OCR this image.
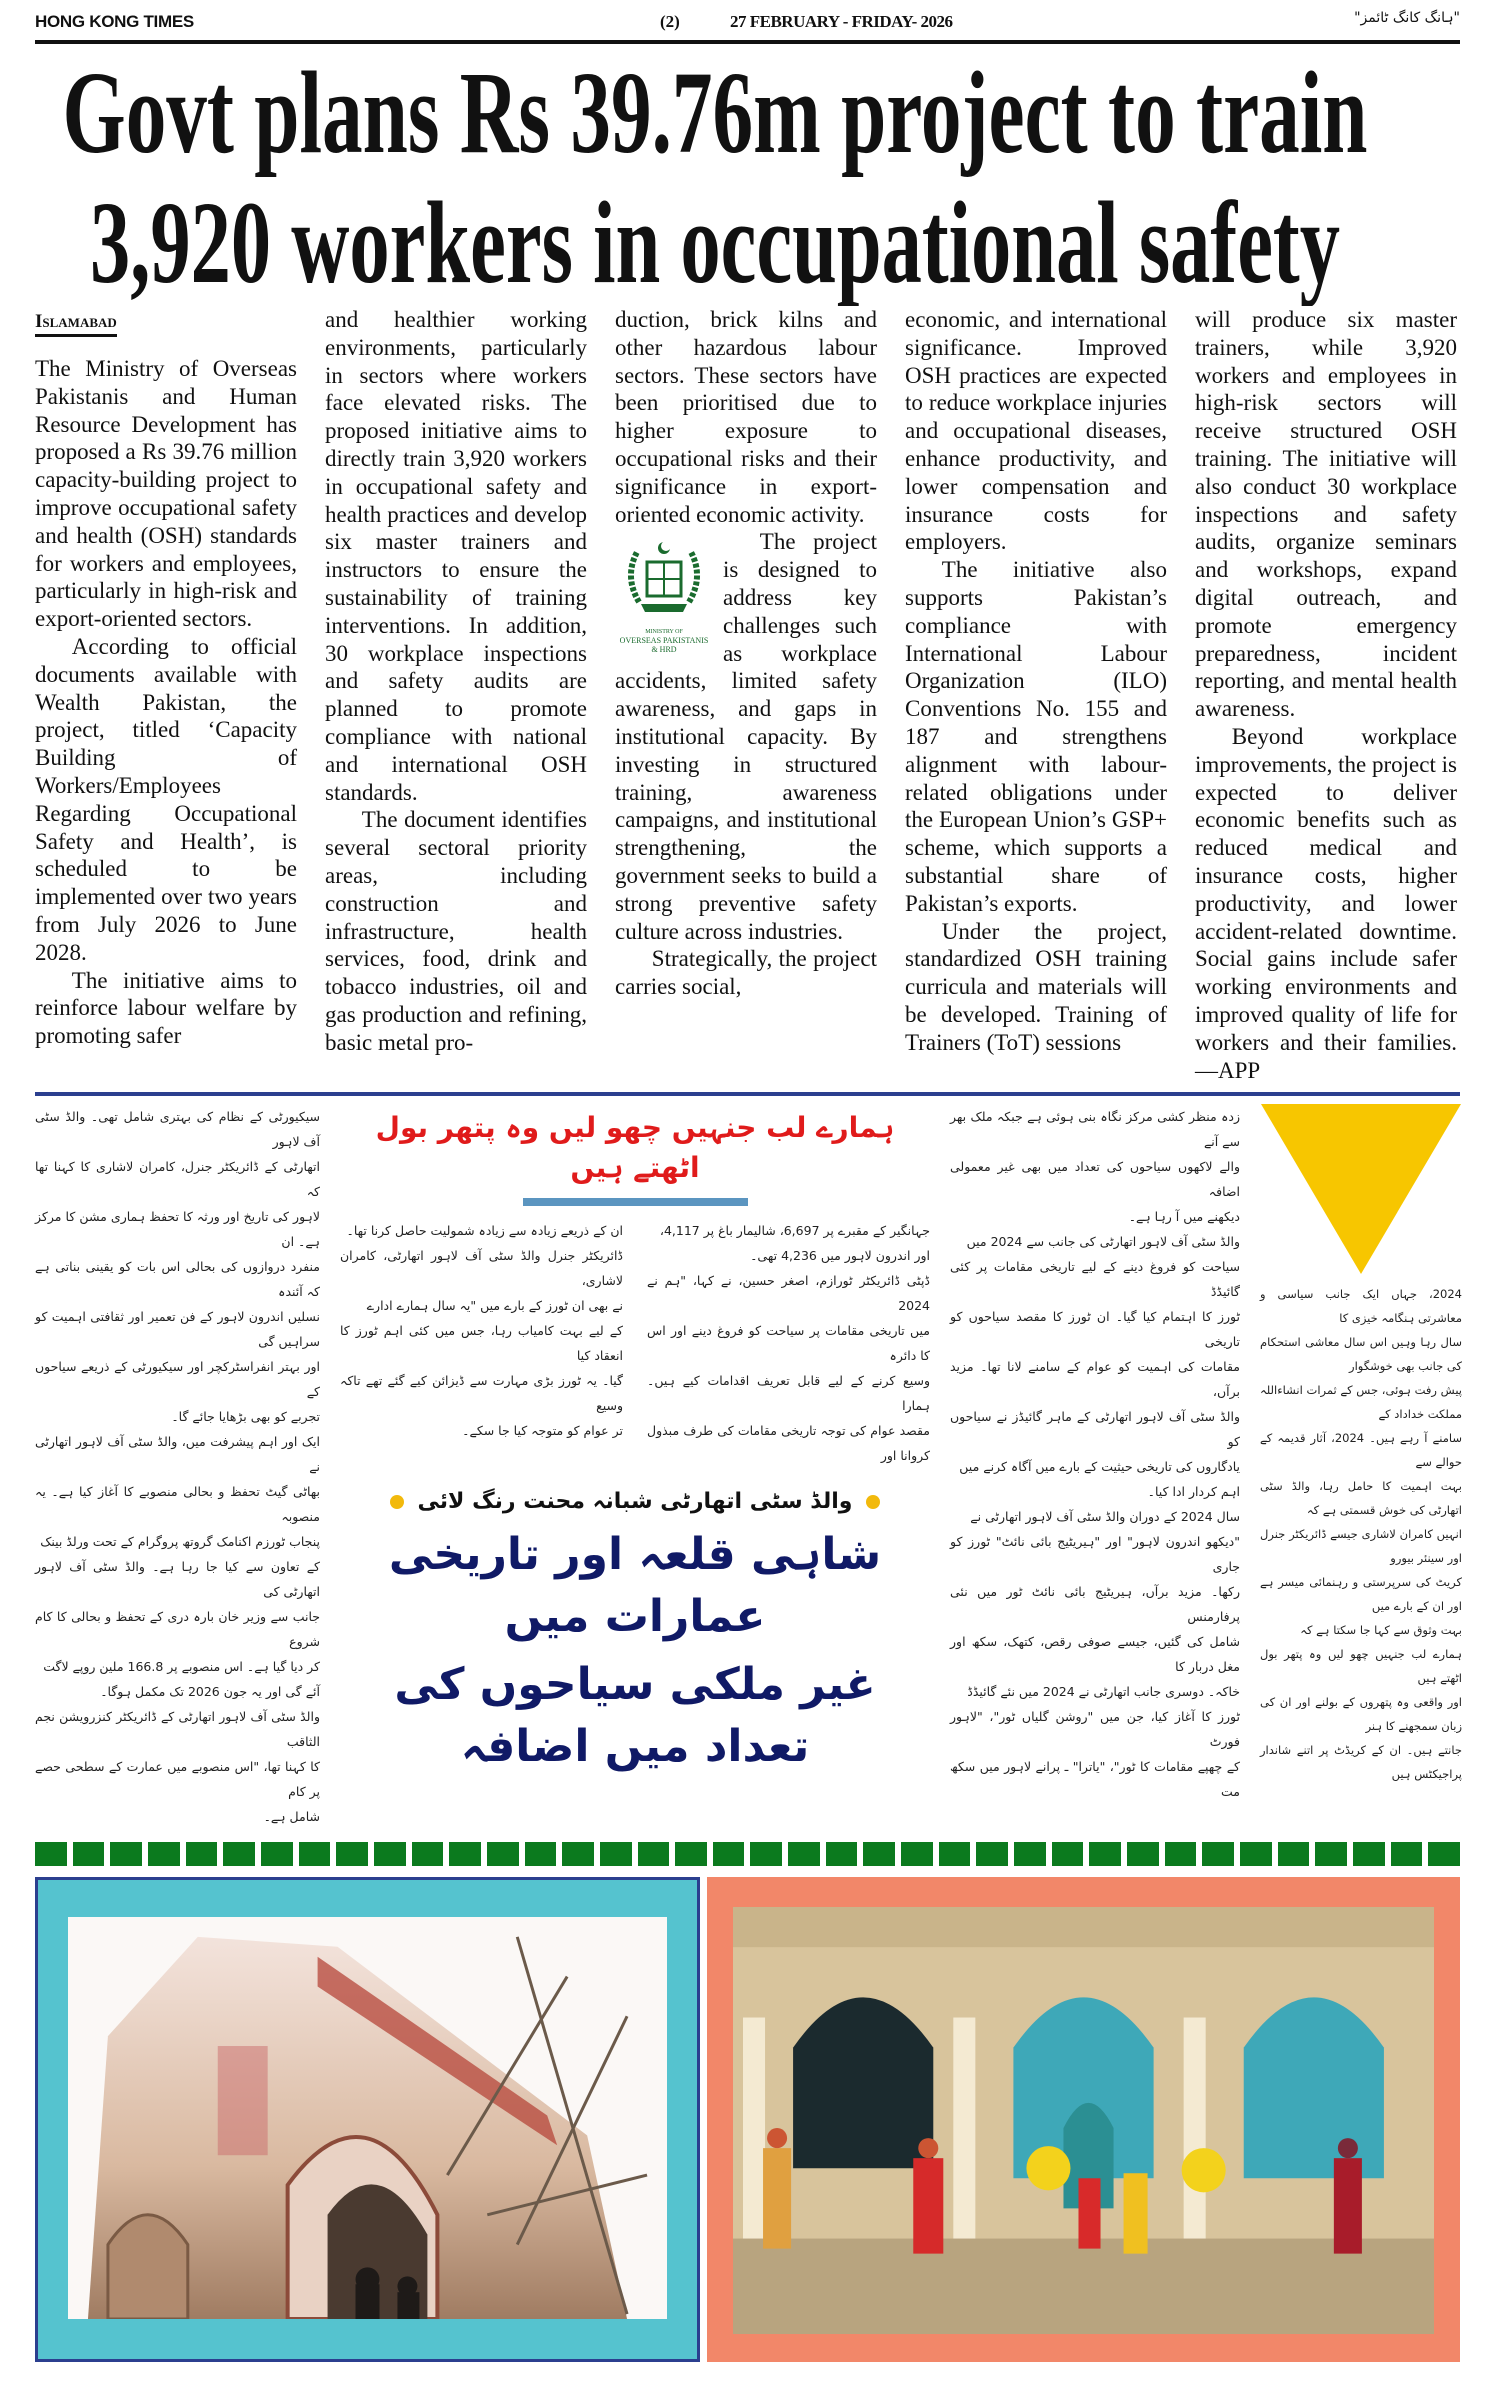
HONG KONG TIMES	(2)	27 FEBRUARY - FRIDAY- 2026	"ہانگ کانگ ٹائمز"
Govt plans Rs 39.76m project to train
3,920 workers in occupational safety
Islamabad

The Ministry of Overseas Pakistanis and Human Resource Development has proposed a Rs 39.76 million capacity-building project to improve occupational safety and health (OSH) standards for workers and employees, particularly in high-risk and export-oriented sectors.

According to official documents available with Wealth Pakistan, the project, titled ‘Capacity Building of Workers/Employees Regarding Occupational Safety and Health’, is scheduled to be implemented over two years from July 2026 to June 2028.

The initiative aims to reinforce labour welfare by promoting safer

and healthier working environments, particularly in sectors where workers face elevated risks. The proposed initiative aims to directly train 3,920 workers in occupational safety and health practices and develop six master trainers and instructors to ensure the sustainability of training interventions. In addition, 30 workplace inspections and safety audits are planned to promote compliance with national and international OSH standards.

The document identifies several sectoral priority areas, including construction and infrastructure, health services, food, drink and tobacco industries, oil and gas production and refining, basic metal pro-

duction, brick kilns and other hazardous labour sectors. These sectors have been prioritised due to higher exposure to occupational risks and their significance in export-oriented economic activity.

MINISTRY OF
OVERSEAS PAKISTANIS
& HRD

The project is designed to address key challenges such as workplace accidents, limited safety awareness, and gaps in institutional capacity. By investing in structured training, awareness campaigns, and institutional strengthening, the government seeks to build a strong preventive safety culture across industries.

Strategically, the project carries social,

economic, and international significance. Improved OSH practices are expected to reduce workplace injuries and occupational diseases, enhance productivity, and lower compensation and insurance costs for employers.

The initiative also supports Pakistan’s compliance with International Labour Organization (ILO) Conventions No. 155 and 187 and strengthens alignment with labour-related obligations under the European Union’s GSP+ scheme, which supports a substantial share of Pakistan’s exports.

Under the project, standardized OSH training curricula and materials will be developed. Training of Trainers (ToT) sessions

will produce six master trainers, while 3,920 workers and employees in high-risk sectors will receive structured OSH training. The initiative will also conduct 30 workplace inspections and safety audits, organize seminars and workshops, expand digital outreach, and promote emergency preparedness, incident reporting, and mental health awareness.

Beyond workplace improvements, the project is expected to deliver economic benefits such as reduced medical and insurance costs, higher productivity, and lower accident-related downtime. Social gains include safer working environments and improved quality of life for workers and their families.—APP

سیکیورٹی کے نظام کی بہتری شامل تھی۔ والڈ سٹی آف لاہور
اتھارٹی کے ڈائریکٹر جنرل، کامران لاشاری کا کہنا تھا کہ
لاہور کی تاریخ اور ورثہ کا تحفظ ہماری مشن کا مرکز ہے۔ ان
منفرد دروازوں کی بحالی اس بات کو یقینی بناتی ہے کہ آئندہ
نسلیں اندرون لاہور کے فن تعمیر اور ثقافتی اہمیت کو سراہیں گی
اور بہتر انفراسٹرکچر اور سیکیورٹی کے ذریعے سیاحوں کے
تجربے کو بھی بڑھایا جائے گا۔
ایک اور اہم پیشرفت میں، والڈ سٹی آف لاہور اتھارٹی نے
بھاٹی گیٹ تحفظ و بحالی منصوبے کا آغاز کیا ہے۔ یہ منصوبہ
پنجاب ٹورزم اکنامک گروتھ پروگرام کے تحت ورلڈ بینک
کے تعاون سے کیا جا رہا ہے۔ والڈ سٹی آف لاہور اتھارٹی کی
جانب سے وزیر خان بارہ دری کے تحفظ و بحالی کا کام شروع
کر دیا گیا ہے۔ اس منصوبے پر 166.8 ملین روپے لاگت
آئے گی اور یہ جون 2026 تک مکمل ہوگا۔
والڈ سٹی آف لاہور اتھارٹی کے ڈائریکٹر کنزرویشن نجم الثاقب
کا کہنا تھا، "اس منصوبے میں عمارت کے سطحی حصے پر کام
شامل ہے۔
ہمارے لب جنہیں چھو لیں وہ پتھر بول اٹھتے ہیں
ان کے ذریعے زیادہ سے زیادہ شمولیت حاصل کرنا تھا۔
ڈائریکٹر جنرل والڈ سٹی آف لاہور اتھارٹی، کامران لاشاری،
نے بھی ان ٹورز کے بارے میں "یہ سال ہمارے ادارے
کے لیے بہت کامیاب رہا، جس میں کئی اہم ٹورز کا انعقاد کیا
گیا۔ یہ ٹورز بڑی مہارت سے ڈیزائن کیے گئے تھے تاکہ وسیع
تر عوام کو متوجہ کیا جا سکے۔
جہانگیر کے مقبرے پر 6,697، شالیمار باغ پر 4,117،
اور اندرون لاہور میں 4,236 تھی۔
ڈپٹی ڈائریکٹر ٹورازم، اصغر حسین، نے کہا، "ہم نے 2024
میں تاریخی مقامات پر سیاحت کو فروغ دینے اور اس کا دائرہ
وسیع کرنے کے لیے قابل تعریف اقدامات کیے ہیں۔ ہمارا
مقصد عوام کی توجہ تاریخی مقامات کی طرف مبذول کروانا اور
والڈ سٹی اتھارٹی شبانہ محنت رنگ لائی
شاہی قلعہ اور تاریخی عمارات میں
غیر ملکی سیاحوں کی تعداد میں اضافہ
زدہ منظر کشی مرکز نگاہ بنی ہوئی ہے جبکہ ملک بھر سے آنے
والے لاکھوں سیاحوں کی تعداد میں بھی غیر معمولی اضافہ
دیکھنے میں آ رہا ہے۔
والڈ سٹی آف لاہور اتھارٹی کی جانب سے 2024 میں
سیاحت کو فروغ دینے کے لیے تاریخی مقامات پر کئی گائیڈڈ
ٹورز کا اہتمام کیا گیا۔ ان ٹورز کا مقصد سیاحوں کو تاریخی
مقامات کی اہمیت کو عوام کے سامنے لانا تھا۔ مزید برآں،
والڈ سٹی آف لاہور اتھارٹی کے ماہر گائیڈز نے سیاحوں کو
یادگاروں کی تاریخی حیثیت کے بارے میں آگاہ کرنے میں
اہم کردار ادا کیا۔
سال 2024 کے دوران والڈ سٹی آف لاہور اتھارٹی نے
"دیکھو اندرون لاہور" اور "ہیریٹیج بائی نائٹ" ٹورز کو جاری
رکھا۔ مزید برآں، ہیریٹیج بائی نائٹ ٹور میں نئی پرفارمنس
شامل کی گئیں، جیسے صوفی رقص، کتھک، سکھ اور مغل دربار کا
خاکہ۔ دوسری جانب اتھارٹی نے 2024 میں نئے گائیڈڈ
ٹورز کا آغاز کیا، جن میں "روشن گلیاں ٹور"، "لاہور فورٹ
کے چھپے مقامات کا ٹور"، "یاترا" ـ پرانے لاہور میں سکھ مت
2024، جہاں ایک جانب سیاسی و معاشرتی ہنگامہ خیزی کا
سال رہا وہیں اس سال معاشی استحکام کی جانب بھی خوشگوار
پیش رفت ہوئی، جس کے ثمرات انشاءاللہ مملکت خداداد کے
سامنے آ رہے ہیں۔ 2024، آثار قدیمہ کے حوالے سے
بہت اہمیت کا حامل رہا، والڈ سٹی اتھارٹی کی خوش قسمتی ہے کہ
انہیں کامران لاشاری جیسے ڈائریکٹر جنرل اور سینئر بیورو
کریٹ کی سرپرستی و رہنمائی میسر ہے اور ان کے بارے میں
بہت وثوق سے کہا جا سکتا ہے کہ
ہمارے لب جنہیں چھو لیں وہ پتھر بول اٹھتے ہیں
اور واقعی وہ پتھروں کے بولنے اور ان کی زبان سمجھنے کا ہنر
جانتے ہیں۔ ان کے کریڈٹ پر اتنے شاندار پراجیکٹس ہیں
